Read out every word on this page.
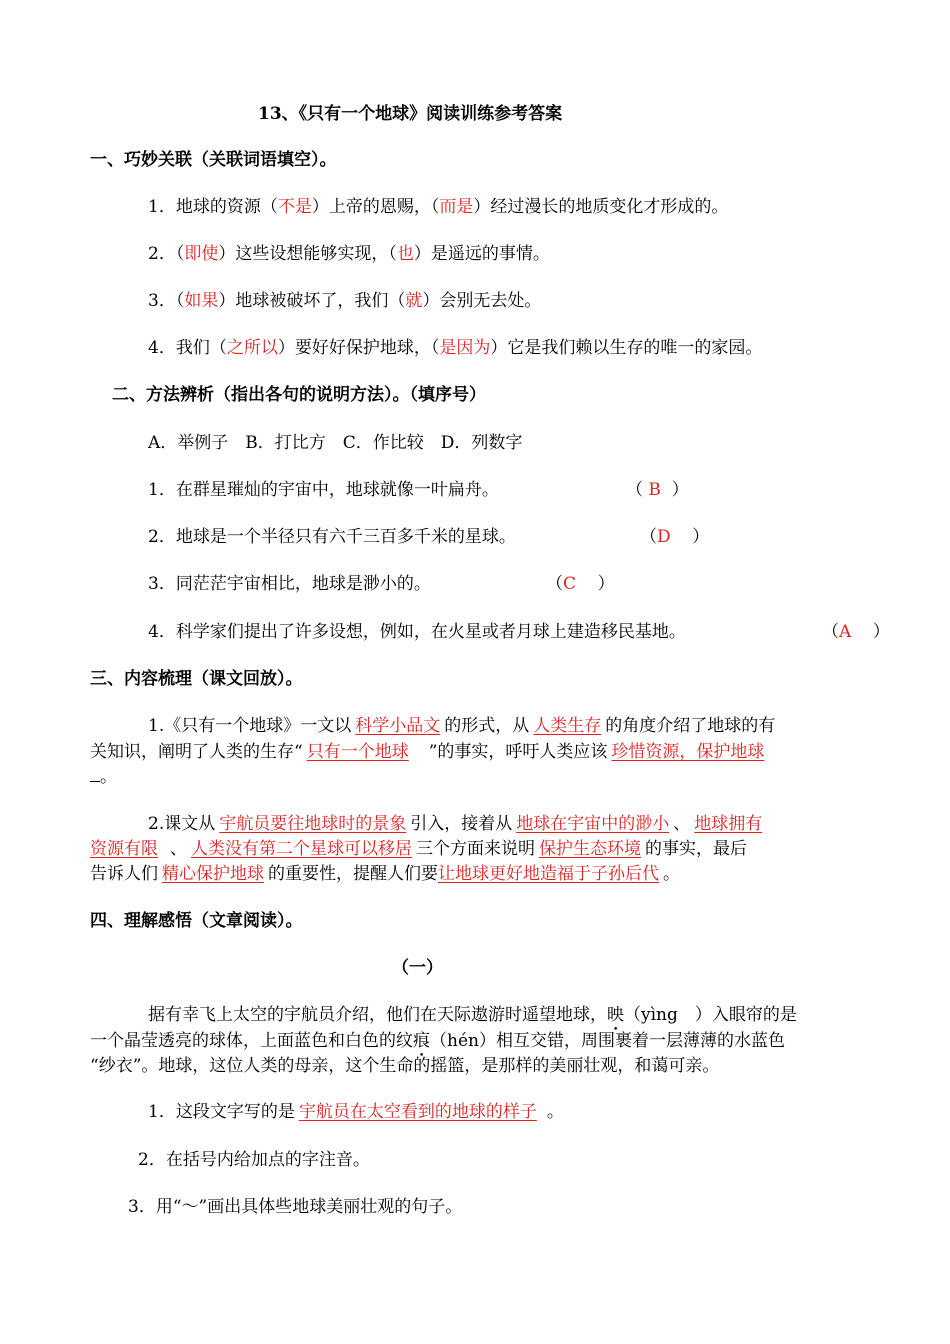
13、《只有一个地球》阅读训练参考答案
一、巧妙关联（关联词语填空）。
1．地球的资源（不是）上帝的恩赐，（而是）经过漫长的地质变化才形成的。
2．（即使）这些设想能够实现，（也）是遥远的事情。
3．（如果）地球被破坏了，我们（就）会别无去处。
4．我们（之所以）要好好保护地球，（是因为）它是我们赖以生存的唯一的家园。
二、方法辨析（指出各句的说明方法）。（填序号）
A．举例子　B．打比方　C．作比较　D．列数字
1．在群星璀灿的宇宙中，地球就像一叶扁舟。	（ B ）
2．地球是一个半径只有六千三百多千米的星球。	（D ）
3．同茫茫宇宙相比，地球是渺小的。	（C ）
4．科学家们提出了许多设想，例如，在火星或者月球上建造移民基地。	（A ）
三、内容梳理（课文回放）。
1.《只有一个地球》一文以 科学小品文 的形式，从 人类生存 的角度介绍了地球的有
关知识，阐明了人类的生存“ 只有一个地球 ”的事实，呼吁人类应该 珍惜资源，保护地球
。
2.课文从 宇航员要往地球时的景象 引入，接着从 地球在宇宙中的渺小 、 地球拥有
资源有限 、 人类没有第二个星球可以移居 三个方面来说明 保护生态环境 的事实，最后
告诉人们 精心保护地球 的重要性，提醒人们要让地球更好地造福于子孙后代 。
四、理解感悟（文章阅读）。
（一）
据有幸飞上太空的宇航员介绍，他们在天际遨游时遥望地球，映（yìng　）入眼帘的是
一个晶莹透亮的球体，上面蓝色和白色的纹痕（hén）相互交错，周围裹着一层薄薄的水蓝色
“纱衣”。地球，这位人类的母亲，这个生命的摇篮，是那样的美丽壮观，和蔼可亲。
1．这段文字写的是 宇航员在太空看到的地球的样子 。
2．在括号内给加点的字注音。
3．用“～”画出具体些地球美丽壮观的句子。
